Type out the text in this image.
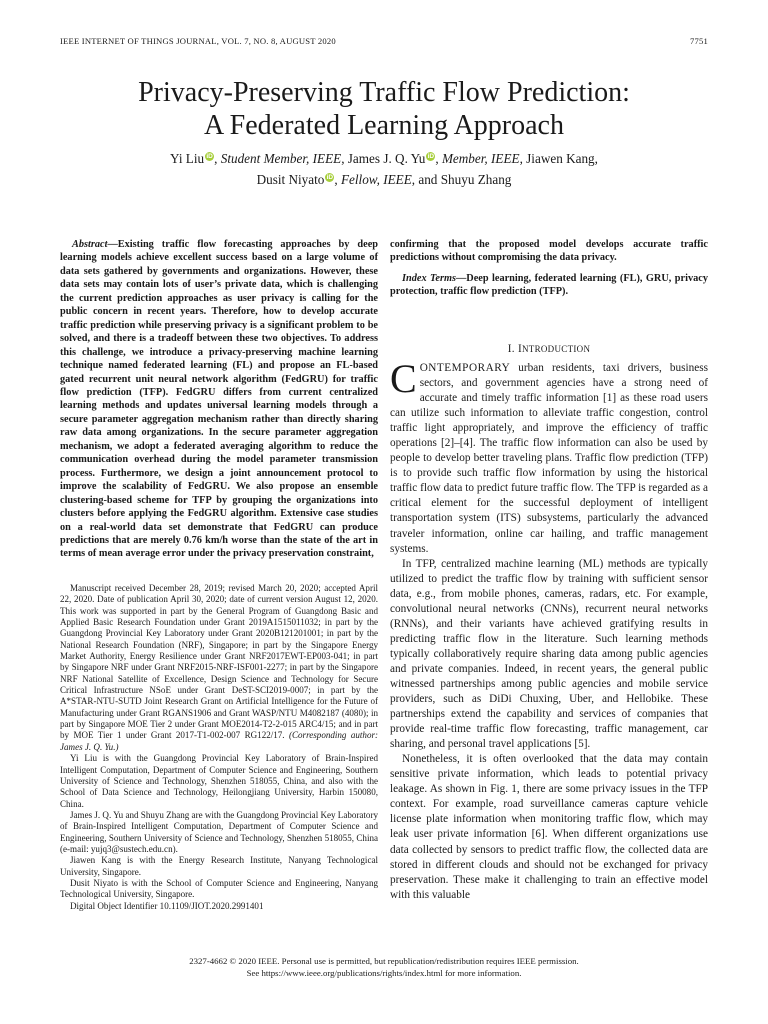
IEEE INTERNET OF THINGS JOURNAL, VOL. 7, NO. 8, AUGUST 2020	7751
Privacy-Preserving Traffic Flow Prediction:
A Federated Learning Approach
Yi Liu iD, Student Member, IEEE, James J. Q. Yu iD, Member, IEEE, Jiawen Kang,
Dusit Niyato iD, Fellow, IEEE, and Shuyu Zhang
Abstract—Existing traffic flow forecasting approaches by deep learning models achieve excellent success based on a large volume of data sets gathered by governments and organizations. However, these data sets may contain lots of user’s private data, which is challenging the current prediction approaches as user privacy is calling for the public concern in recent years. Therefore, how to develop accurate traffic prediction while preserving privacy is a significant problem to be solved, and there is a tradeoff between these two objectives. To address this challenge, we introduce a privacy-preserving machine learning technique named federated learning (FL) and propose an FL-based gated recurrent unit neural network algorithm (FedGRU) for traffic flow prediction (TFP). FedGRU differs from current centralized learning methods and updates universal learning models through a secure parameter aggregation mechanism rather than directly sharing raw data among organizations. In the secure parameter aggregation mechanism, we adopt a federated averaging algorithm to reduce the communication overhead during the model parameter transmission process. Furthermore, we design a joint announcement protocol to improve the scalability of FedGRU. We also propose an ensemble clustering-based scheme for TFP by grouping the organizations into clusters before applying the FedGRU algorithm. Extensive case studies on a real-world data set demonstrate that FedGRU can produce predictions that are merely 0.76 km/h worse than the state of the art in terms of mean average error under the privacy preservation constraint,

Manuscript received December 28, 2019; revised March 20, 2020; accepted April 22, 2020. Date of publication April 30, 2020; date of current version August 12, 2020. This work was supported in part by the General Program of Guangdong Basic and Applied Basic Research Foundation under Grant 2019A1515011032; in part by the Guangdong Provincial Key Laboratory under Grant 2020B121201001; in part by the National Research Foundation (NRF), Singapore; in part by the Singapore Energy Market Authority, Energy Resilience under Grant NRF2017EWT-EP003-041; in part by Singapore NRF under Grant NRF2015-NRF-ISF001-2277; in part by the Singapore NRF National Satellite of Excellence, Design Science and Technology for Secure Critical Infrastructure NSoE under Grant DeST-SCI2019-0007; in part by the A*STAR-NTU-SUTD Joint Research Grant on Artificial Intelligence for the Future of Manufacturing under Grant RGANS1906 and Grant WASP/NTU M4082187 (4080); in part by Singapore MOE Tier 2 under Grant MOE2014-T2-2-015 ARC4/15; and in part by MOE Tier 1 under Grant 2017-T1-002-007 RG122/17. (Corresponding author: James J. Q. Yu.)

Yi Liu is with the Guangdong Provincial Key Laboratory of Brain-Inspired Intelligent Computation, Department of Computer Science and Engineering, Southern University of Science and Technology, Shenzhen 518055, China, and also with the School of Data Science and Technology, Heilongjiang University, Harbin 150080, China.

James J. Q. Yu and Shuyu Zhang are with the Guangdong Provincial Key Laboratory of Brain-Inspired Intelligent Computation, Department of Computer Science and Engineering, Southern University of Science and Technology, Shenzhen 518055, China (e-mail: yujq3@sustech.edu.cn).

Jiawen Kang is with the Energy Research Institute, Nanyang Technological University, Singapore.

Dusit Niyato is with the School of Computer Science and Engineering, Nanyang Technological University, Singapore.

Digital Object Identifier 10.1109/JIOT.2020.2991401

confirming that the proposed model develops accurate traffic predictions without compromising the data privacy.

Index Terms—Deep learning, federated learning (FL), GRU, privacy protection, traffic flow prediction (TFP).

I. INTRODUCTION

CONTEMPORARY urban residents, taxi drivers, business sectors, and government agencies have a strong need of accurate and timely traffic information [1] as these road users can utilize such information to alleviate traffic congestion, control traffic light appropriately, and improve the efficiency of traffic operations [2]–[4]. The traffic flow information can also be used by people to develop better traveling plans. Traffic flow prediction (TFP) is to provide such traffic flow information by using the historical traffic flow data to predict future traffic flow. The TFP is regarded as a critical element for the successful deployment of intelligent transportation system (ITS) subsystems, particularly the advanced traveler information, online car hailing, and traffic management systems.

In TFP, centralized machine learning (ML) methods are typically utilized to predict the traffic flow by training with sufficient sensor data, e.g., from mobile phones, cameras, radars, etc. For example, convolutional neural networks (CNNs), recurrent neural networks (RNNs), and their variants have achieved gratifying results in predicting traffic flow in the literature. Such learning methods typically collaboratively require sharing data among public agencies and private companies. Indeed, in recent years, the general public witnessed partnerships among public agencies and mobile service providers, such as DiDi Chuxing, Uber, and Hellobike. These partnerships extend the capability and services of companies that provide real-time traffic flow forecasting, traffic management, car sharing, and personal travel applications [5].

Nonetheless, it is often overlooked that the data may contain sensitive private information, which leads to potential privacy leakage. As shown in Fig. 1, there are some privacy issues in the TFP context. For example, road surveillance cameras capture vehicle license plate information when monitoring traffic flow, which may leak user private information [6]. When different organizations use data collected by sensors to predict traffic flow, the collected data are stored in different clouds and should not be exchanged for privacy preservation. These make it challenging to train an effective model with this valuable

2327-4662 © 2020 IEEE. Personal use is permitted, but republication/redistribution requires IEEE permission.
See https://www.ieee.org/publications/rights/index.html for more information.
